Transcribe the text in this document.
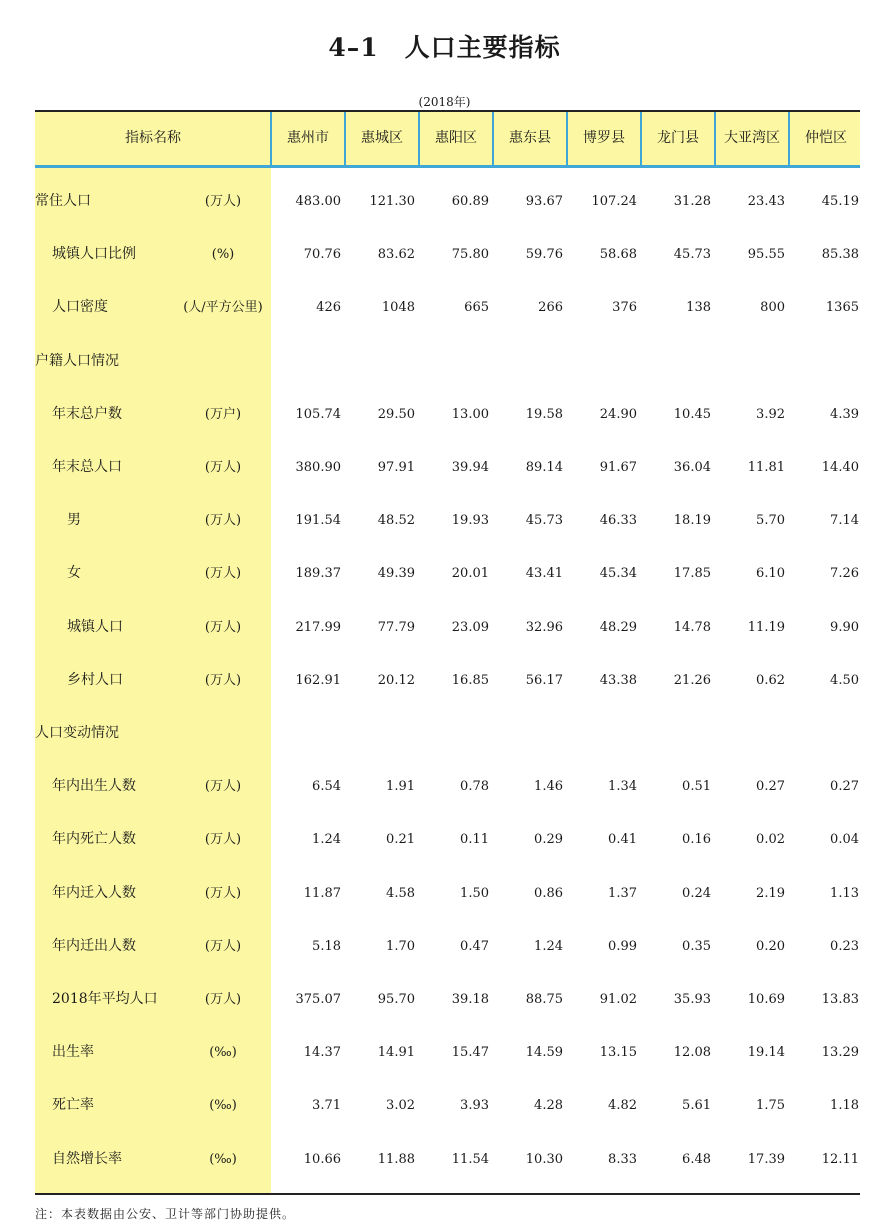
4–1　人口主要指标
(2018年)
指标名称	惠州市	惠城区	惠阳区	惠东县	博罗县	龙门县	大亚湾区	仲恺区
常住人口	(万人)	483.00	121.30	60.89	93.67	107.24	31.28	23.43	45.19
城镇人口比例	(%)	70.76	83.62	75.80	59.76	58.68	45.73	95.55	85.38
人口密度	(人/平方公里)	426	1048	665	266	376	138	800	1365
户籍人口情况
年末总户数	(万户)	105.74	29.50	13.00	19.58	24.90	10.45	3.92	4.39
年末总人口	(万人)	380.90	97.91	39.94	89.14	91.67	36.04	11.81	14.40
男	(万人)	191.54	48.52	19.93	45.73	46.33	18.19	5.70	7.14
女	(万人)	189.37	49.39	20.01	43.41	45.34	17.85	6.10	7.26
城镇人口	(万人)	217.99	77.79	23.09	32.96	48.29	14.78	11.19	9.90
乡村人口	(万人)	162.91	20.12	16.85	56.17	43.38	21.26	0.62	4.50
人口变动情况
年内出生人数	(万人)	6.54	1.91	0.78	1.46	1.34	0.51	0.27	0.27
年内死亡人数	(万人)	1.24	0.21	0.11	0.29	0.41	0.16	0.02	0.04
年内迁入人数	(万人)	11.87	4.58	1.50	0.86	1.37	0.24	2.19	1.13
年内迁出人数	(万人)	5.18	1.70	0.47	1.24	0.99	0.35	0.20	0.23
2018年平均人口	(万人)	375.07	95.70	39.18	88.75	91.02	35.93	10.69	13.83
出生率	(‰)	14.37	14.91	15.47	14.59	13.15	12.08	19.14	13.29
死亡率	(‰)	3.71	3.02	3.93	4.28	4.82	5.61	1.75	1.18
自然增长率	(‰)	10.66	11.88	11.54	10.30	8.33	6.48	17.39	12.11
注：本表数据由公安、卫计等部门协助提供。
